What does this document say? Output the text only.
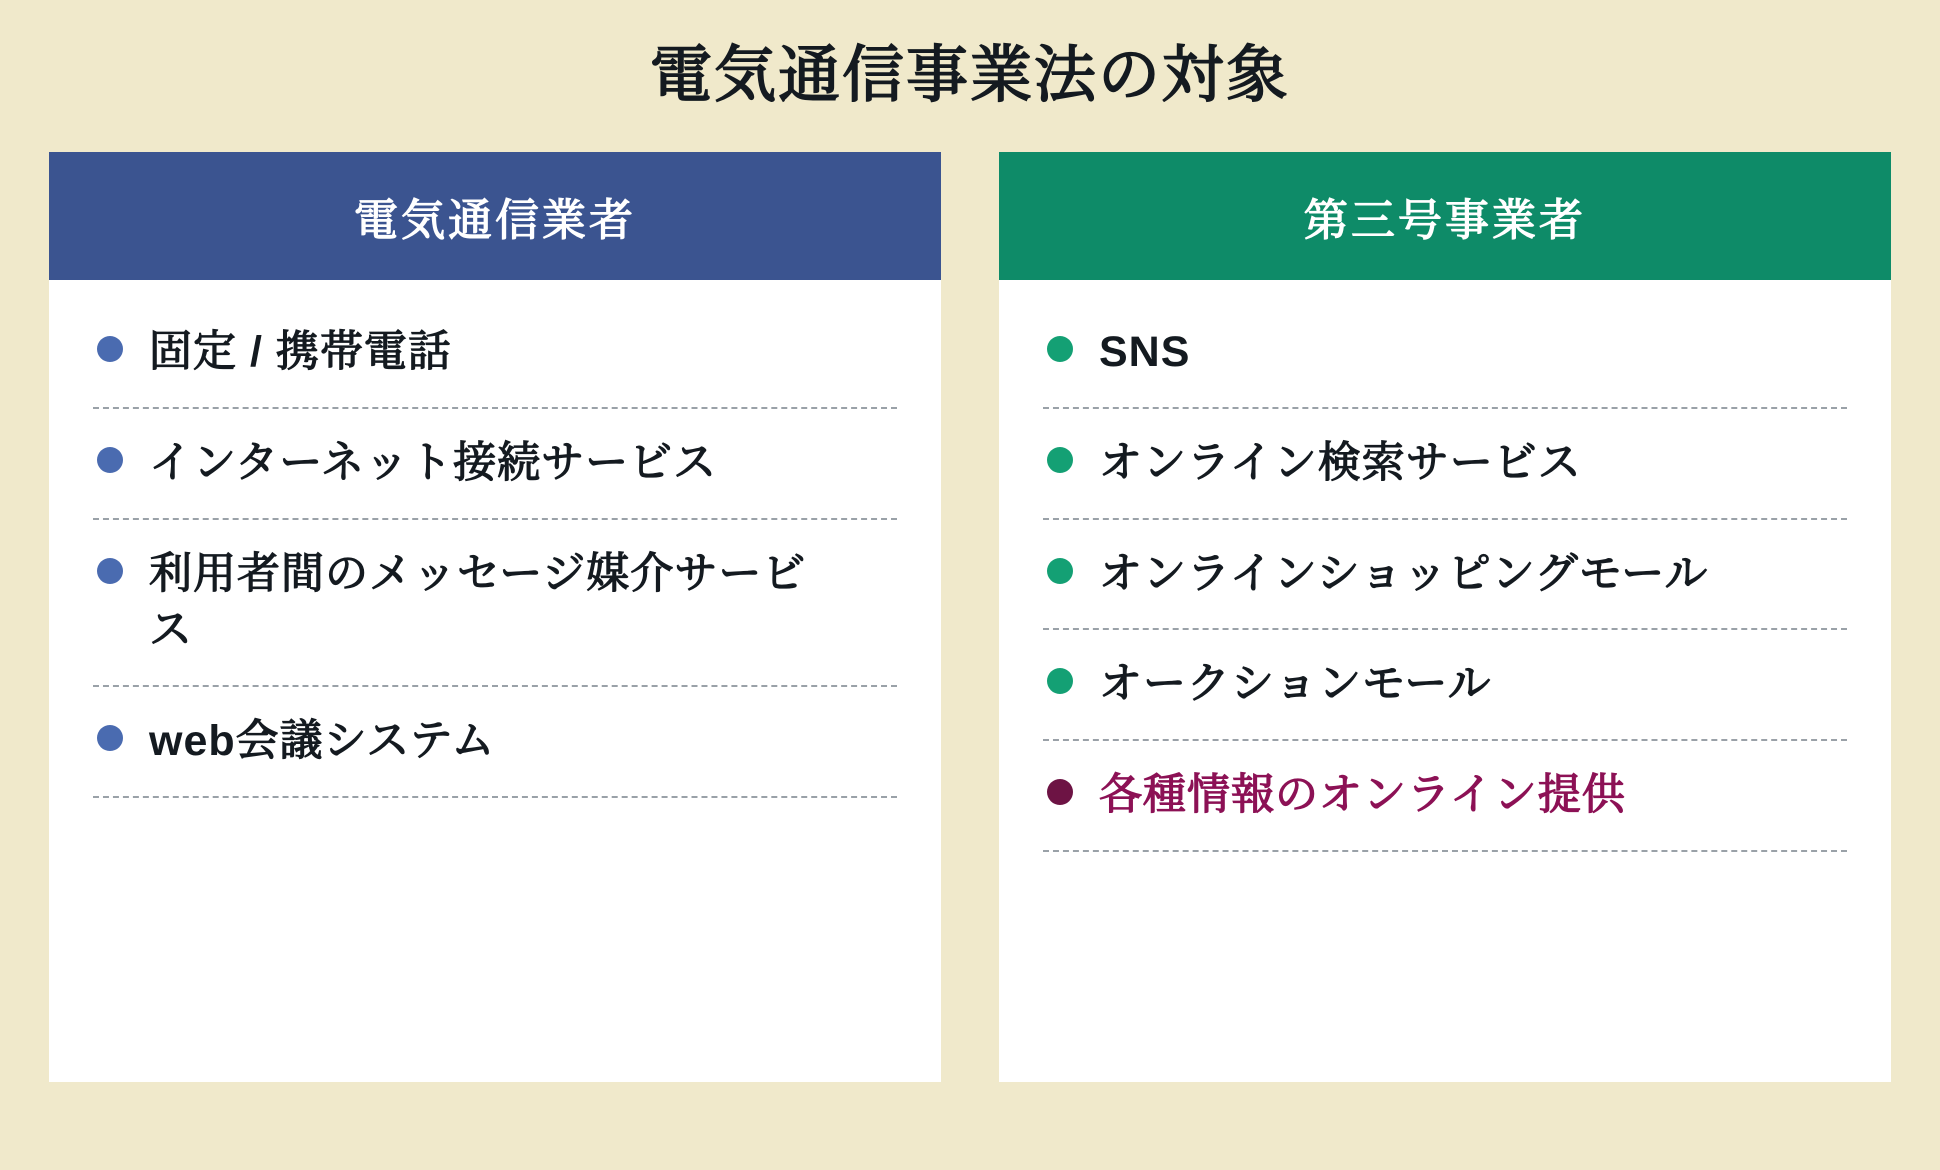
電気通信事業法の対象
電気通信業者
固定 / 携帯電話
インターネット接続サービス
利用者間のメッセージ媒介サービス
web会議システム
第三号事業者
SNS
オンライン検索サービス
オンラインショッピングモール
オークションモール
各種情報のオンライン提供
